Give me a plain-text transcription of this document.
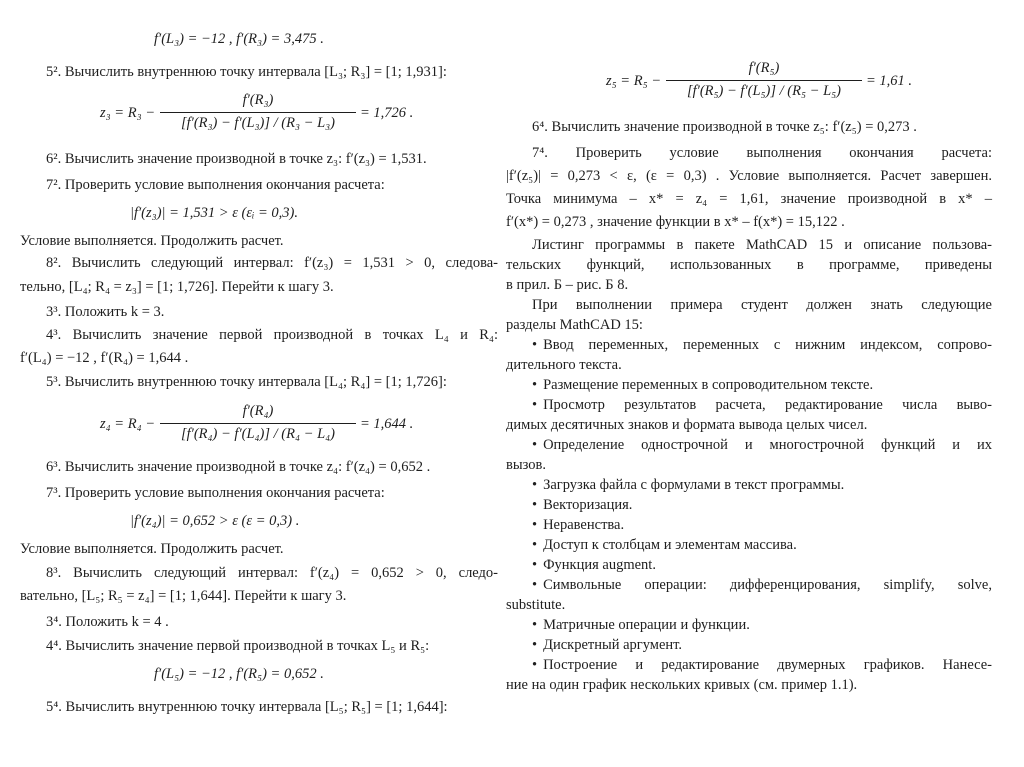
f′(L₃) = −12 , f′(R₃) = 3,475 .
5². Вычислить внутреннюю точку интервала [L₃; R₃] = [1; 1,931]:
z₃ = R₃ −
f′(R₃)
[f′(R₃) − f′(L₃)] / (R₃ − L₃)
= 1,726 .
6². Вычислить значение производной в точке z₃: f′(z₃) = 1,531.
7². Проверить условие выполнения окончания расчета:
|f′(z₃)| = 1,531 > ε (εᵢ = 0,3).
Условие выполняется. Продолжить расчет.
8². Вычислить следующий интервал: f′(z₃) = 1,531 > 0, следова-
тельно, [L₄; R₄ = z₃] = [1; 1,726]. Перейти к шагу 3.
3³. Положить k = 3.
4³. Вычислить значение первой производной в точках L₄ и R₄:
f′(L₄) = −12 , f′(R₄) = 1,644 .
5³. Вычислить внутреннюю точку интервала [L₄; R₄] = [1; 1,726]:
z₄ = R₄ −
f′(R₄)
[f′(R₄) − f′(L₄)] / (R₄ − L₄)
= 1,644 .
6³. Вычислить значение производной в точке z₄: f′(z₄) = 0,652 .
7³. Проверить условие выполнения окончания расчета:
|f′(z₄)| = 0,652 > ε (ε = 0,3) .
Условие выполняется. Продолжить расчет.
8³. Вычислить следующий интервал: f′(z₄) = 0,652 > 0, следо-
вательно, [L₅; R₅ = z₄] = [1; 1,644]. Перейти к шагу 3.
3⁴. Положить k = 4 .
4⁴. Вычислить значение первой производной в точках L₅ и R₅:
f′(L₅) = −12 , f′(R₅) = 0,652 .
5⁴. Вычислить внутреннюю точку интервала [L₅; R₅] = [1; 1,644]:
z₅ = R₅ −
f′(R₅)
[f′(R₅) − f′(L₅)] / (R₅ − L₅)
= 1,61 .
6⁴. Вычислить значение производной в точке z₅: f′(z₅) = 0,273 .
7⁴. Проверить условие выполнения окончания расчета:
|f′(z₅)| = 0,273 < ε, (ε = 0,3) . Условие выполняется. Расчет завершен.
Точка минимума – x* = z₄ = 1,61, значение производной в x* –
f′(x*) = 0,273 , значение функции в x* – f(x*) = 15,122 .
Листинг программы в пакете MathCAD 15 и описание пользова-
тельских функций, использованных в программе, приведены
в прил. Б – рис. Б 8.
При выполнении примера студент должен знать следующие
разделы MathCAD 15:
• Ввод переменных, переменных с нижним индексом, сопрово-
дительного текста.
• Размещение переменных в сопроводительном тексте.
• Просмотр результатов расчета, редактирование числа выво-
димых десятичных знаков и формата вывода целых чисел.
• Определение однострочной и многострочной функций и их
вызов.
• Загрузка файла с формулами в текст программы.
• Векторизация.
• Неравенства.
• Доступ к столбцам и элементам массива.
• Функция augment.
• Символьные операции: дифференцирования, simplify, solve,
substitute.
• Матричные операции и функции.
• Дискретный аргумент.
• Построение и редактирование двумерных графиков. Нанесе-
ние на один график нескольких кривых (см. пример 1.1).
